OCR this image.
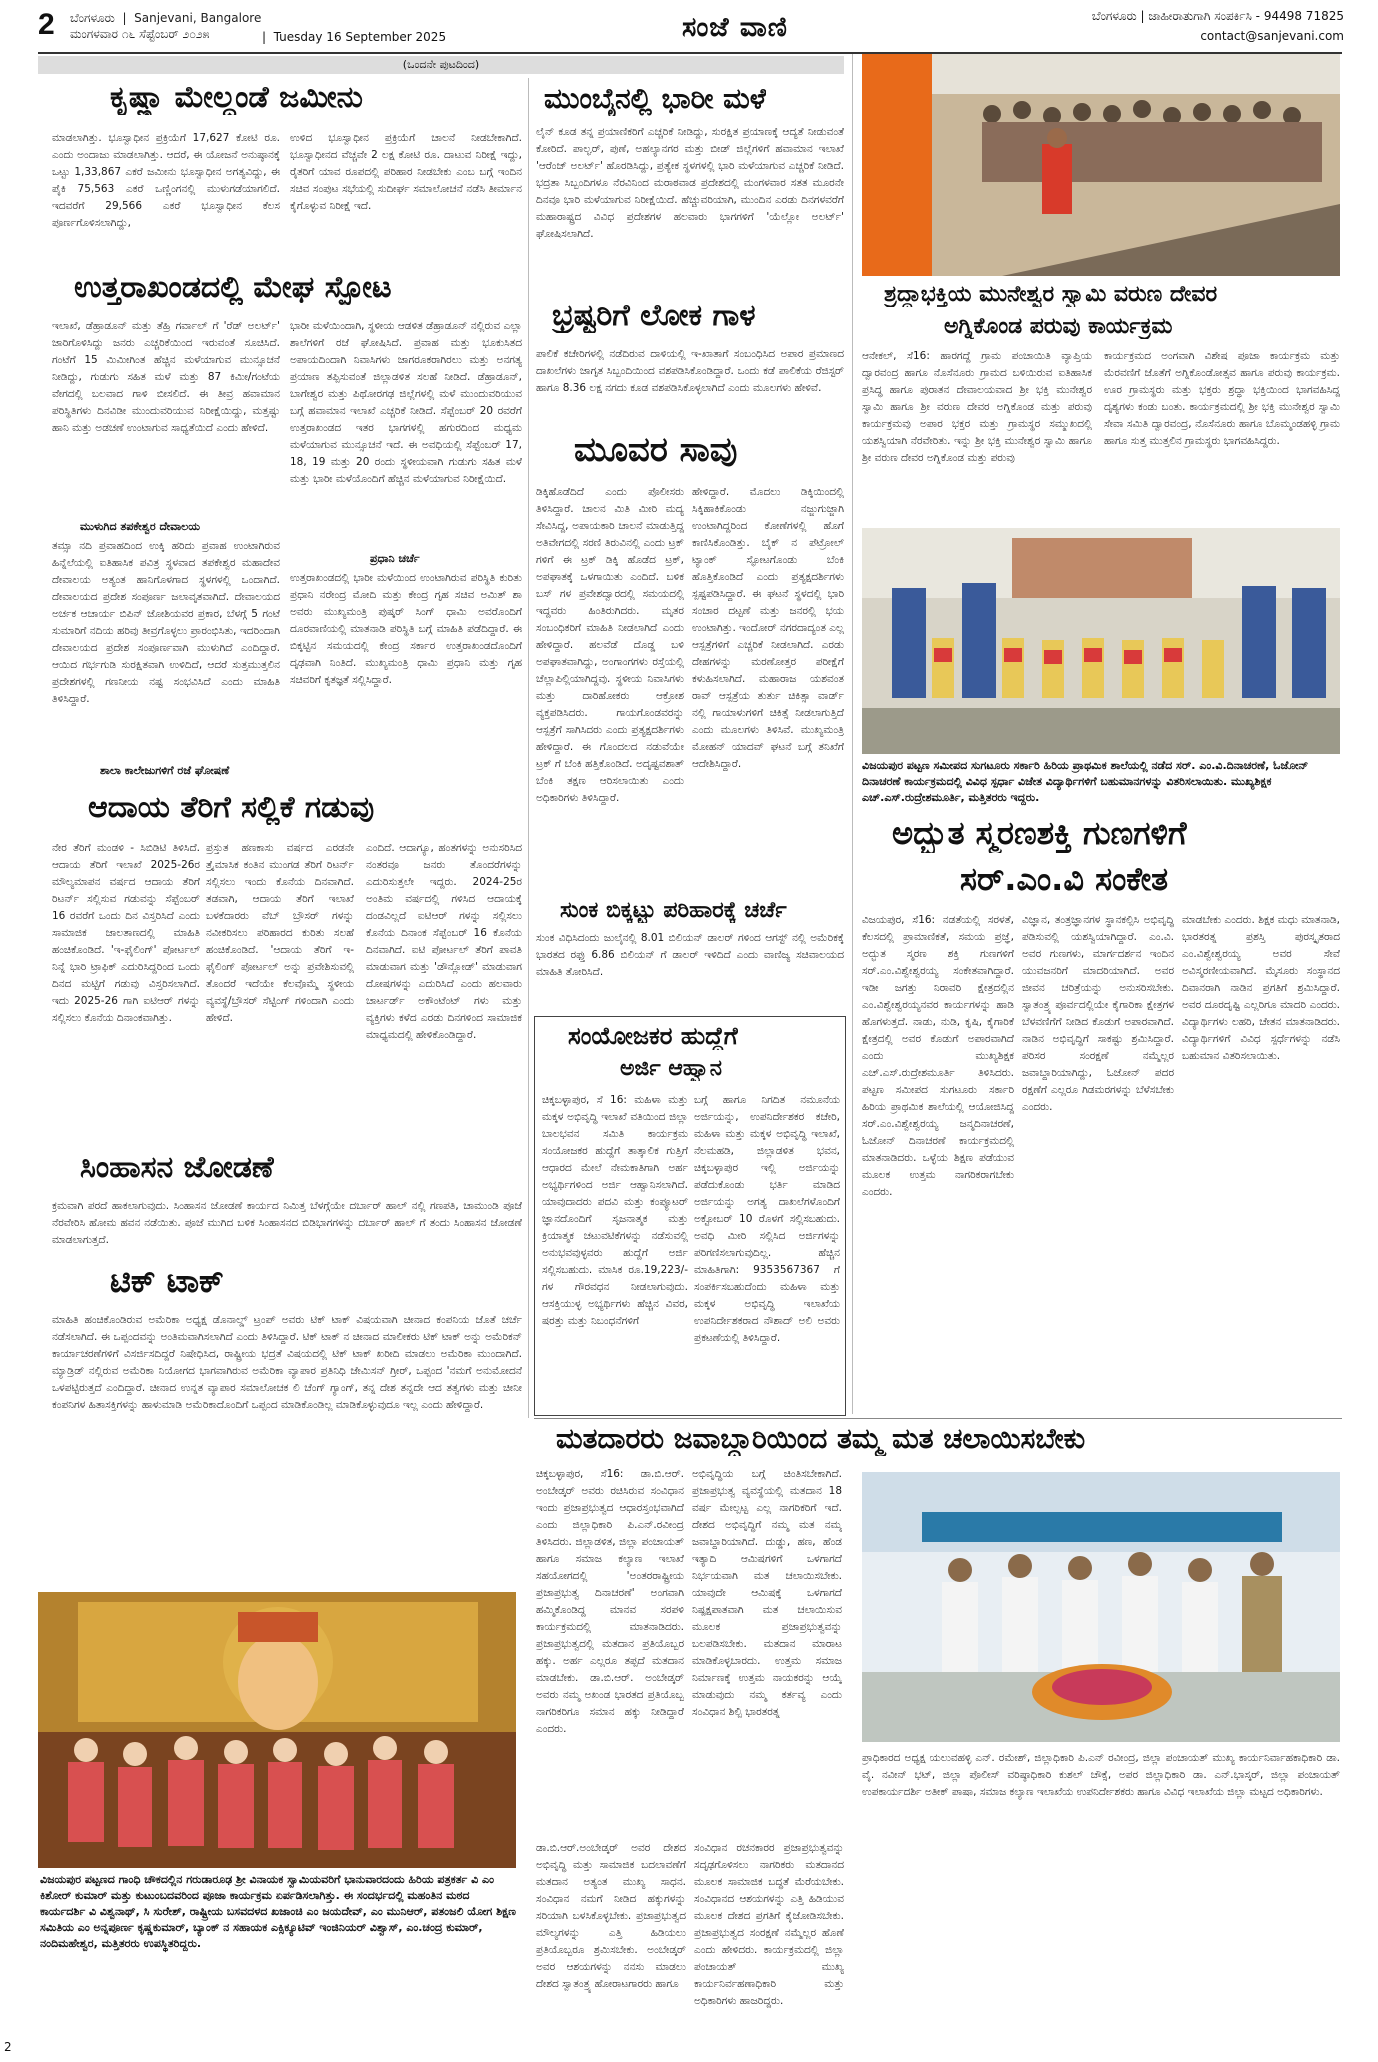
2 ಬೆಂಗಳೂರು  |  Sanjevani, Bangalore
ಮಂಗಳವಾರ ೧೬ ಸೆಪ್ಟೆಂಬರ್ ೨೦೨೫	|  Tuesday 16 September 2025	ಸಂಜೆ ವಾಣಿ	ಬೆಂಗಳೂರು | ಜಾಹೀರಾತುಗಾಗಿ ಸಂಪರ್ಕಿಸಿ - 94498 71825
contact@sanjevani.com
(ಒಂದನೇ ಪುಟದಿಂದ)
ಕೃಷ್ಣಾ ಮೇಲ್ದಂಡೆ ಜಮೀನು
ಮಾಡಲಾಗಿತ್ತು. ಭೂಸ್ವಾಧೀನ ಪ್ರಕ್ರಿಯೆಗೆ 17,627 ಕೋಟಿ ರೂ. ಎಂದು ಅಂದಾಜು ಮಾಡಲಾಗಿತ್ತು. ಆದರೆ, ಈ ಯೋಜನೆ ಅನುಷ್ಠಾನಕ್ಕೆ ಒಟ್ಟು 1,33,867 ಎಕರೆ ಜಮೀನು ಭೂಸ್ವಾಧೀನ ಅಗತ್ಯವಿದ್ದು, ಈ ಪೈಕಿ 75,563 ಎಕರೆ ಒಣ್ಣಿಂಗನಲ್ಲಿ ಮುಳುಗಡೆಯಾಗಲಿದೆ. ಇದವರೆಗೆ 29,566 ಎಕರೆ ಭೂಸ್ವಾಧೀನ ಕೆಲಸ ಪೂರ್ಣಗೊಳಿಸಲಾಗಿದ್ದು,
ಉಳಿದ ಭೂಸ್ವಾಧೀನ ಪ್ರಕ್ರಿಯೆಗೆ ಚಾಲನೆ ನೀಡಬೇಕಾಗಿದೆ. ಭೂಸ್ವಾಧೀನದ ವೆಚ್ಚವೇ 2 ಲಕ್ಷ ಕೋಟಿ ರೂ. ದಾಟುವ ನಿರೀಕ್ಷೆ ಇದ್ದು, ರೈತರಿಗೆ ಯಾವ ರೂಪದಲ್ಲಿ ಪರಿಹಾರ ನೀಡಬೇಕು ಎಂಬ ಬಗ್ಗೆ ಇಂದಿನ ಸಚಿವ ಸಂಪುಟ ಸಭೆಯಲ್ಲಿ ಸುದೀರ್ಘ ಸಮಾಲೋಚನೆ ನಡೆಸಿ ತೀರ್ಮಾನ ಕೈಗೊಳ್ಳುವ ನಿರೀಕ್ಷೆ ಇದೆ.
ಉತ್ತರಾಖಂಡದಲ್ಲಿ ಮೇಘ ಸ್ಫೋಟ
ಇಲಾಖೆ, ಡೆಹ್ರಾಡೂನ್ ಮತ್ತು ತೆಹ್ರಿ ಗರ್ವಾಲ್ ಗೆ 'ರೆಡ್ ಅಲರ್ಟ್' ಜಾರಿಗೊಳಿಸಿದ್ದು ಜನರು ಎಚ್ಚರಿಕೆಯಿಂದ ಇರುವಂತೆ ಸೂಚಿಸಿದೆ. ಗಂಟೆಗೆ 15 ಮಿಮೀಗಿಂತ ಹೆಚ್ಚಿನ ಮಳೆಯಾಗುವ ಮುನ್ಸೂಚನೆ ನೀಡಿದ್ದು, ಗುಡುಗು ಸಹಿತ ಮಳೆ ಮತ್ತು 87 ಕಿಮೀ/ಗಂಟೆಯ ವೇಗದಲ್ಲಿ ಬಲವಾದ ಗಾಳಿ ಬೀಸಲಿದೆ. ಈ ತೀವ್ರ ಹವಾಮಾನ ಪರಿಸ್ಥಿತಿಗಳು ದಿನವಿಡೀ ಮುಂದುವರಿಯುವ ನಿರೀಕ್ಷೆಯಿದ್ದು, ಮತ್ತಷ್ಟು ಹಾನಿ ಮತ್ತು ಅಡಚಣೆ ಉಂಟಾಗುವ ಸಾಧ್ಯತೆಯಿದೆ ಎಂದು ಹೇಳಿದೆ.
ಮುಳುಗಿದ ತಪಕೇಶ್ವರ ದೇವಾಲಯ
ತಮ್ಸಾ ನದಿ ಪ್ರವಾಹದಿಂದ ಉಕ್ಕಿ ಹರಿದು ಪ್ರವಾಹ ಉಂಟಾಗಿರುವ ಹಿನ್ನೆಲೆಯಲ್ಲಿ ಐತಿಹಾಸಿಕ ಪವಿತ್ರ ಸ್ಥಳವಾದ ತಪಕೇಶ್ವರ ಮಹಾದೇವ ದೇವಾಲಯ ಅತ್ಯಂತ ಹಾನಿಗೊಳಗಾದ ಸ್ಥಳಗಳಲ್ಲಿ ಒಂದಾಗಿದೆ. ದೇವಾಲಯದ ಪ್ರದೇಶ ಸಂಪೂರ್ಣ ಜಲಾವೃತವಾಗಿದೆ. ದೇವಾಲಯದ ಅರ್ಚಕ ಆಚಾರ್ಯ ಬಿಪಿನ್ ಜೋಶಿಯವರ ಪ್ರಕಾರ, ಬೆಳಗ್ಗೆ 5 ಗಂಟೆ ಸುಮಾರಿಗೆ ನದಿಯ ಹರಿವು ತೀವ್ರಗೊಳ್ಳಲು ಪ್ರಾರಂಭಿಸಿತು, ಇದರಿಂದಾಗಿ ದೇವಾಲಯದ ಪ್ರದೇಶ ಸಂಪೂರ್ಣವಾಗಿ ಮುಳುಗಿದೆ ಎಂದಿದ್ದಾರೆ. ಆಯಿದ ಗರ್ಭಗುಡಿ ಸುರಕ್ಷಿತವಾಗಿ ಉಳಿದಿದೆ, ಆದರೆ ಸುತ್ತಮುತ್ತಲಿನ ಪ್ರದೇಶಗಳಲ್ಲಿ ಗಣನೀಯ ನಷ್ಟ ಸಂಭವಿಸಿದೆ ಎಂದು ಮಾಹಿತಿ ತಿಳಿಸಿದ್ದಾರೆ.
ಶಾಲಾ ಕಾಲೇಜುಗಳಿಗೆ ರಜೆ ಘೋಷಣೆ
ಭಾರೀ ಮಳೆಯಿಂದಾಗಿ, ಸ್ಥಳೀಯ ಆಡಳಿತ ಡೆಹ್ರಾಡೂನ್ ನಲ್ಲಿರುವ ಎಲ್ಲಾ ಶಾಲೆಗಳಿಗೆ ರಜೆ ಘೋಷಿಸಿದೆ. ಪ್ರವಾಹ ಮತ್ತು ಭೂಕುಸಿತದ ಅಪಾಯದಿಂದಾಗಿ ನಿವಾಸಿಗಳು ಜಾಗರೂಕರಾಗಿರಲು ಮತ್ತು ಅನಗತ್ಯ ಪ್ರಯಾಣ ತಪ್ಪಿಸುವಂತೆ ಜಿಲ್ಲಾಡಳಿತ ಸಲಹೆ ನೀಡಿದೆ. ಡೆಹ್ರಾಡೂನ್, ಬಾಗೇಶ್ವರ ಮತ್ತು ಪಿಥೋರಗಢ ಜಿಲ್ಲೆಗಳಲ್ಲಿ ಮಳೆ ಮುಂದುವರಿಯುವ ಬಗ್ಗೆ ಹವಾಮಾನ ಇಲಾಖೆ ಎಚ್ಚರಿಕೆ ನೀಡಿದೆ. ಸೆಪ್ಟೆಂಬರ್ 20 ರವರೆಗೆ ಉತ್ತರಾಖಂಡದ ಇತರ ಭಾಗಗಳಲ್ಲಿ ಹಗುರದಿಂದ ಮಧ್ಯಮ ಮಳೆಯಾಗುವ ಮುನ್ಸೂಚನೆ ಇದೆ. ಈ ಅವಧಿಯಲ್ಲಿ ಸೆಪ್ಟೆಂಬರ್ 17, 18, 19 ಮತ್ತು 20 ರಂದು ಸ್ಥಳೀಯವಾಗಿ ಗುಡುಗು ಸಹಿತ ಮಳೆ ಮತ್ತು ಭಾರೀ ಮಳೆಯೊಂದಿಗೆ ಹೆಚ್ಚಿನ ಮಳೆಯಾಗುವ ನಿರೀಕ್ಷೆಯಿದೆ.
ಪ್ರಧಾನಿ ಚರ್ಚೆ
ಉತ್ತರಾಖಂಡದಲ್ಲಿ ಭಾರೀ ಮಳೆಯಿಂದ ಉಂಟಾಗಿರುವ ಪರಿಸ್ಥಿತಿ ಕುರಿತು ಪ್ರಧಾನಿ ನರೇಂದ್ರ ಮೋದಿ ಮತ್ತು ಕೇಂದ್ರ ಗೃಹ ಸಚಿವ ಅಮಿತ್ ಶಾ ಅವರು ಮುಖ್ಯಮಂತ್ರಿ ಪುಷ್ಕರ್ ಸಿಂಗ್ ಧಾಮಿ ಅವರೊಂದಿಗೆ ದೂರವಾಣಿಯಲ್ಲಿ ಮಾತನಾಡಿ ಪರಿಸ್ಥಿತಿ ಬಗ್ಗೆ ಮಾಹಿತಿ ಪಡೆದಿದ್ದಾರೆ. ಈ ಬಿಕ್ಕಟ್ಟಿನ ಸಮಯದಲ್ಲಿ ಕೇಂದ್ರ ಸರ್ಕಾರ ಉತ್ತರಾಖಂಡದೊಂದಿಗೆ ದೃಢವಾಗಿ ನಿಂತಿದೆ. ಮುಖ್ಯಮಂತ್ರಿ ಧಾಮಿ ಪ್ರಧಾನಿ ಮತ್ತು ಗೃಹ ಸಚಿವರಿಗೆ ಕೃತಜ್ಞತೆ ಸಲ್ಲಿಸಿದ್ದಾರೆ.
ಆದಾಯ ತೆರಿಗೆ ಸಲ್ಲಿಕೆ ಗಡುವು
ನೇರ ತೆರಿಗೆ ಮಂಡಳಿ - ಸಿಬಿಡಿಟಿ ತಿಳಿಸಿದೆ. ಆದಾಯ ತೆರಿಗೆ ಇಲಾಖೆ 2025-26ರ ಮೌಲ್ಯಮಾಪನ ವರ್ಷದ ಆದಾಯ ತೆರಿಗೆ ರಿಟರ್ನ್ ಸಲ್ಲಿಸುವ ಗಡುವನ್ನು ಸೆಪ್ಟೆಂಬರ್ 16 ರವರೆಗೆ ಒಂದು ದಿನ ವಿಸ್ತರಿಸಿದೆ ಎಂದು ಸಾಮಾಜಿಕ ಜಾಲತಾಣದಲ್ಲಿ ಮಾಹಿತಿ ಹಂಚಿಕೊಂಡಿದೆ. 'ಇ-ಫೈಲಿಂಗ್' ಪೋರ್ಟಲ್ ನಿನ್ನೆ ಭಾರಿ ಟ್ರಾಫಿಕ್ ಎದುರಿಸಿದ್ದರಿಂದ ಒಂದು ದಿನದ ಮಟ್ಟಿಗೆ ಗಡುವು ವಿಸ್ತರಿಸಲಾಗಿದೆ. ಇದು 2025-26 ಗಾಗಿ ಐಟಿಆರ್ ಗಳನ್ನು ಸಲ್ಲಿಸಲು ಕೊನೆಯ ದಿನಾಂಕವಾಗಿತ್ತು.
ಪ್ರಸ್ತುತ ಹಣಕಾಸು ವರ್ಷದ ಎರಡನೇ ತ್ರೈಮಾಸಿಕ ಕಂತಿನ ಮುಂಗಡ ತೆರಿಗೆ ರಿಟರ್ನ್ ಸಲ್ಲಿಸಲು ಇಂದು ಕೊನೆಯ ದಿನವಾಗಿದೆ. ತಡವಾಗಿ, ಆದಾಯ ತೆರಿಗೆ ಇಲಾಖೆ ಬಳಕೆದಾರರು ವೆಬ್ ಬ್ರೌಸರ್ ಗಳನ್ನು ನವೀಕರಿಸಲು ಪರಿಹಾರದ ಕುರಿತು ಸಲಹೆ ಹಂಚಿಕೊಂಡಿದೆ. 'ಆದಾಯ ತೆರಿಗೆ ಇ-ಫೈಲಿಂಗ್ ಪೋರ್ಟಲ್ ಅನ್ನು ಪ್ರವೇಶಿಸುವಲ್ಲಿ ತೊಂದರೆ ಇದೆಯೇ ಕೆಲವೊಮ್ಮೆ ಸ್ಥಳೀಯ ವ್ಯವಸ್ಥೆ/ಬ್ರೌಸರ್ ಸೆಟ್ಟಿಂಗ್ ಗಳಿಂದಾಗಿ ಎಂದು ಹೇಳಿದೆ.
ಎಂದಿದೆ. ಆದಾಗ್ಯೂ, ಹಂತಗಳನ್ನು ಅನುಸರಿಸಿದ ನಂತರವೂ ಜನರು ತೊಂದರೆಗಳನ್ನು ಎದುರಿಸುತ್ತಲೇ ಇದ್ದರು. 2024-25ರ ಅಂತಿಮ ವರ್ಷದಲ್ಲಿ ಗಳಿಸಿದ ಆದಾಯಕ್ಕೆ ದಂಡವಿಲ್ಲದೆ ಐಟಿಆರ್ ಗಳನ್ನು ಸಲ್ಲಿಸಲು ಕೊನೆಯ ದಿನಾಂಕ ಸೆಪ್ಟೆಂಬರ್ 16 ಕೊನೆಯ ದಿನವಾಗಿದೆ. ಐಟಿ ಪೋರ್ಟಲ್ ತೆರಿಗೆ ಪಾವತಿ ಮಾಡುವಾಗ ಮತ್ತು 'ಡೌನ್ಲೋಡ್' ಮಾಡುವಾಗ ದೋಷಗಳನ್ನು ಎದುರಿಸಿದೆ ಎಂದು ಹಲವಾರು ಚಾರ್ಟರ್ಡ್ ಅಕೌಂಟೆಂಟ್ ಗಳು ಮತ್ತು ವ್ಯಕ್ತಿಗಳು ಕಳೆದ ಎರಡು ದಿನಗಳಿಂದ ಸಾಮಾಜಿಕ ಮಾಧ್ಯಮದಲ್ಲಿ ಹೇಳಿಕೊಂಡಿದ್ದಾರೆ.
ಸಿಂಹಾಸನ ಜೋಡಣೆ
ಕ್ರಮವಾಗಿ ಪರದೆ ಹಾಕಲಾಗುವುದು. ಸಿಂಹಾಸನ ಜೋಡಣೆ ಕಾರ್ಯದ ನಿಮಿತ್ತ ಬೆಳಗ್ಗೆಯೇ ದರ್ಬಾರ್ ಹಾಲ್ ನಲ್ಲಿ ಗಣಪತಿ, ಚಾಮುಂಡಿ ಪೂಜೆ ನೆರವೇರಿಸಿ ಹೋಮ ಹವನ ನಡೆಯಿತು. ಪೂಜೆ ಮುಗಿದ ಬಳಿಕ ಸಿಂಹಾಸನದ ಬಿಡಿಭಾಗಗಳನ್ನು ದರ್ಬಾರ್ ಹಾಲ್ ಗೆ ತಂದು ಸಿಂಹಾಸನ ಜೋಡಣೆ ಮಾಡಲಾಗುತ್ತದೆ.
ಟಿಕ್ ಟಾಕ್
ಮಾಹಿತಿ ಹಂಚಿಕೊಂಡಿರುವ ಅಮೆರಿಕಾ ಅಧ್ಯಕ್ಷ ಡೊನಾಲ್ಡ್ ಟ್ರಂಪ್ ಅವರು ಟಿಕ್ ಟಾಕ್ ವಿಷಯವಾಗಿ ಚೀನಾದ ಕಂಪನಿಯ ಜೊತೆ ಚರ್ಚೆ ನಡೆಸಲಾಗಿದೆ. ಈ ಒಪ್ಪಂದವನ್ನು ಅಂತಿಮವಾಗಿಸಲಾಗಿದೆ ಎಂದು ತಿಳಿಸಿದ್ದಾರೆ. ಟಿಕ್ ಟಾಕ್ ನ ಚೀನಾದ ಮಾಲೀಕರು ಟಿಕ್ ಟಾಕ್ ಅನ್ನು ಅಮೆರಿಕನ್ ಕಾರ್ಯಾಚರಣೆಗಳಿಗೆ ವಿಸರ್ಜಿಸದಿದ್ದರೆ ನಿಷೇಧಿಸಿದ, ರಾಷ್ಟ್ರೀಯ ಭದ್ರತೆ ವಿಷಯದಲ್ಲಿ ಟಿಕ್ ಟಾಕ್ ಖರೀದಿ ಮಾಡಲು ಅಮೆರಿಕಾ ಮುಂದಾಗಿದೆ. ಮ್ಯಾಡ್ರಿಡ್ ನಲ್ಲಿರುವ ಅಮೆರಿಕಾ ನಿಯೋಗದ ಭಾಗವಾಗಿರುವ ಅಮೆರಿಕಾ ವ್ಯಾಪಾರ ಪ್ರತಿನಿಧಿ ಜೇಮಿಸನ್ ಗ್ರೀರ್, ಒಪ್ಪಂದ 'ನಮಗೆ ಅನುಮೋದನೆ ಒಳಪಟ್ಟಿರುತ್ತದೆ ಎಂದಿದ್ದಾರೆ. ಚೀನಾದ ಉನ್ನತ ವ್ಯಾಪಾರ ಸಮಾಲೋಚಕ ಲಿ ಚೆಂಗ್ ಗ್ಯಾಂಗ್, ತನ್ನ ದೇಶ ತನ್ನದೇ ಆದ ತತ್ವಗಳು ಮತ್ತು ಚೀನೀ ಕಂಪನಿಗಳ ಹಿತಾಸಕ್ತಿಗಳನ್ನು ಹಾಳುಮಾಡಿ ಅಮೆರಿಕಾದೊಂದಿಗೆ ಒಪ್ಪಂದ ಮಾಡಿಕೊಂಡಿಲ್ಲ ಮಾಡಿಕೊಳ್ಳುವುದೂ ಇಲ್ಲ ಎಂದು ಹೇಳಿದ್ದಾರೆ.
ವಿಜಯಪುರ ಪಟ್ಟಣದ ಗಾಂಧಿ ಚೌಕದಲ್ಲಿನ ಗರುಡಾರೂಢ ಶ್ರೀ ವಿನಾಯಕ ಸ್ವಾಮಿಯವರಿಗೆ ಭಾನುವಾರದಂದು ಹಿರಿಯ ಪತ್ರಕರ್ತ ವಿ ಎಂ ಕಿಶೋರ್ ಕುಮಾರ್ ಮತ್ತು ಕುಟುಂಬದವರಿಂದ ಪೂಜಾ ಕಾರ್ಯಕ್ರಮ ಏರ್ಪಡಿಸಲಾಗಿತ್ತು. ಈ ಸಂದರ್ಭದಲ್ಲಿ ಮಹಂತಿನ ಮಠದ ಕಾರ್ಯದರ್ಶಿ ವಿ ವಿಶ್ವನಾಥ್, ಸಿ ಸುರೇಶ್, ರಾಷ್ಟ್ರೀಯ ಬಸವದಳದ ಖಜಾಂಚಿ ಎಂ ಜಯದೇವ್, ಎಂ ಮುನಿಆರ್, ಪತಂಜಲಿ ಯೋಗ ಶಿಕ್ಷಣ ಸಮಿತಿಯ ಎಂ ಅನ್ನಪೂರ್ಣ ಕೃಷ್ಣಕುಮಾರ್, ಬ್ಯಾಂಕ್ ನ ಸಹಾಯಕ ಎಕ್ಸಿಕ್ಯೂಟಿವ್ ಇಂಜಿನಿಯರ್ ವಿಶ್ವಾಸ್, ಎಂ.ಚಂದ್ರ ಕುಮಾರ್, ನಂದಿಮಹೇಶ್ವರ, ಮತ್ತಿತರರು ಉಪಸ್ಥಿತರಿದ್ದರು.
ಮುಂಬೈನಲ್ಲಿ ಭಾರೀ ಮಳೆ
ಲೈನ್ ಕೂಡ ತನ್ನ ಪ್ರಯಾಣಿಕರಿಗೆ ಎಚ್ಚರಿಕೆ ನೀಡಿದ್ದು, ಸುರಕ್ಷಿತ ಪ್ರಯಾಣಕ್ಕೆ ಆದ್ಯತೆ ನೀಡುವಂತೆ ಕೋರಿದೆ. ಪಾಲ್ಘರ್, ಪುಣೆ, ಅಹಲ್ಯಾನಗರ ಮತ್ತು ಬೀಡ್ ಜಿಲ್ಲೆಗಳಿಗೆ ಹವಾಮಾನ ಇಲಾಖೆ 'ಆರೆಂಜ್ ಅಲರ್ಟ್' ಹೊರಡಿಸಿದ್ದು, ಪ್ರತ್ಯೇಕ ಸ್ಥಳಗಳಲ್ಲಿ ಭಾರಿ ಮಳೆಯಾಗುವ ಎಚ್ಚರಿಕೆ ನೀಡಿದೆ. ಭದ್ರತಾ ಸಿಬ್ಬಂದಿಗಳೂ ನೆರವಿನಿಂದ ಮರಾಠವಾಡ ಪ್ರದೇಶದಲ್ಲಿ ಮಂಗಳವಾರ ಸತತ ಮೂರನೇ ದಿನವೂ ಭಾರಿ ಮಳೆಯಾಗುವ ನಿರೀಕ್ಷೆಯಿದೆ. ಹೆಚ್ಚುವರಿಯಾಗಿ, ಮುಂದಿನ ಎರಡು ದಿನಗಳವರೆಗೆ ಮಹಾರಾಷ್ಟ್ರದ ವಿವಿಧ ಪ್ರದೇಶಗಳ ಹಲವಾರು ಭಾಗಗಳಿಗೆ 'ಯೆಲ್ಲೋ ಅಲರ್ಟ್' ಘೋಷಿಸಲಾಗಿದೆ.
ಭ್ರಷ್ಟರಿಗೆ ಲೋಕ ಗಾಳ
ಪಾಲಿಕೆ ಕಚೇರಿಗಳಲ್ಲಿ ನಡೆದಿರುವ ದಾಳಿಯಲ್ಲಿ ಇ-ಖಾತಾಗೆ ಸಂಬಂಧಿಸಿದ ಅಪಾರ ಪ್ರಮಾಣದ ದಾಖಲೆಗಳು ಜಾಗೃತ ಸಿಬ್ಬಂದಿಯಿಂದ ವಶಪಡಿಸಿಕೊಂಡಿದ್ದಾರೆ. ಒಂದು ಕಡೆ ಪಾಲಿಕೆಯ ರೆಜಿಸ್ಟರ್ ಹಾಗೂ 8.36 ಲಕ್ಷ ನಗದು ಕೂಡ ವಶಪಡಿಸಿಕೊಳ್ಳಲಾಗಿದೆ ಎಂದು ಮೂಲಗಳು ಹೇಳಿವೆ.
ಮೂವರ ಸಾವು
ಡಿಕ್ಕಿಹೊಡೆದಿದೆ ಎಂದು ಪೊಲೀಸರು ತಿಳಿಸಿದ್ದಾರೆ. ಚಾಲನ ಮಿತಿ ಮೀರಿ ಮದ್ಯ ಸೇವಿಸಿದ್ದ, ಅಪಾಯಕಾರಿ ಚಾಲನೆ ಮಾಡುತ್ತಿದ್ದ ಅತಿವೇಗದಲ್ಲಿ ಸರಣಿ ತಿರುವಿನಲ್ಲಿ ಎಂದು ಟ್ರಕ್ ಗಳಿಗೆ ಈ ಟ್ರಕ್ ಡಿಕ್ಕಿ ಹೊಡೆದ ಟ್ರಕ್, ಅಪಘಾತಕ್ಕೆ ಒಳಗಾಯಿತು ಎಂದಿದೆ. ಬಳಿಕ ಬಸ್ ಗಳ ಪ್ರವೇಶದ್ವಾರದಲ್ಲಿ ಸಮಯದಲ್ಲಿ ಇದ್ದವರು ಹಿಂತಿರುಗಿದರು. ಮೃತರ ಸಂಬಂಧಿಕರಿಗೆ ಮಾಹಿತಿ ನೀಡಲಾಗಿದೆ ಎಂದು ಹೇಳಿದ್ದಾರೆ. ಹಲವೆಡೆ ದೊಡ್ಡ ಬಳಿ ಅಪಘಾತವಾಗಿದ್ದು, ಅಂಗಾಂಗಗಳು ರಸ್ತೆಯಲ್ಲಿ ಚೆಲ್ಲಾಪಿಲ್ಲಿಯಾಗಿದ್ದವು. ಸ್ಥಳೀಯ ನಿವಾಸಿಗಳು ಮತ್ತು ದಾರಿಹೋಕರು ಆಕ್ರೋಶ ವ್ಯಕ್ತಪಡಿಸಿದರು. ಗಾಯಗೊಂಡವರನ್ನು ಆಸ್ಪತ್ರೆಗೆ ಸಾಗಿಸಿದರು ಎಂದು ಪ್ರತ್ಯಕ್ಷದರ್ಶಿಗಳು ಹೇಳಿದ್ದಾರೆ. ಈ ಗೊಂದಲದ ನಡುವೆಯೇ ಟ್ರಕ್ ಗೆ ಬೆಂಕಿ ಹತ್ತಿಕೊಂಡಿದೆ. ಅದೃಷ್ಟವಶಾತ್ ಬೆಂಕಿ ತಕ್ಷಣ ಆರಿಸಲಾಯಿತು ಎಂದು ಅಧಿಕಾರಿಗಳು ತಿಳಿಸಿದ್ದಾರೆ.
ಹೇಳಿದ್ದಾರೆ. ಮೊದಲು ಡಿಕ್ಕಿಯಿಂದಲ್ಲಿ ಸಿಕ್ಕಿಹಾಕಿಕೊಂಡು ನಜ್ಜುಗುಜ್ಜಾಗಿ ಉಂಟಾಗಿದ್ದರಿಂದ ಕೋಣೆಗಳಲ್ಲಿ ಹೊಗೆ ಕಾಣಿಸಿಕೊಂಡಿತ್ತು. ಬೈಕ್ ನ ಪೆಟ್ರೋಲ್ ಟ್ಯಾಂಕ್ ಸ್ಫೋಟಗೊಂಡು ಬೆಂಕಿ ಹೊತ್ತಿಕೊಂಡಿದೆ ಎಂದು ಪ್ರತ್ಯಕ್ಷದರ್ಶಿಗಳು ಸ್ಪಷ್ಟಪಡಿಸಿದ್ದಾರೆ. ಈ ಘಟನೆ ಸ್ಥಳದಲ್ಲಿ ಭಾರಿ ಸಂಚಾರ ದಟ್ಟಣೆ ಮತ್ತು ಜನರಲ್ಲಿ ಭಯ ಉಂಟಾಗಿತ್ತು. ಇಂದೋರ್ ನಗರದಾದ್ಯಂತ ಎಲ್ಲ ಆಸ್ಪತ್ರೆಗಳಿಗೆ ಎಚ್ಚರಿಕೆ ನೀಡಲಾಗಿದೆ. ಎರಡು ದೇಹಗಳನ್ನು ಮರಣೋತ್ತರ ಪರೀಕ್ಷೆಗೆ ಕಳುಹಿಸಲಾಗಿದೆ. ಮಹಾರಾಜ ಯಶವಂತ ರಾವ್ ಆಸ್ಪತ್ರೆಯ ತುರ್ತು ಚಿಕಿತ್ಸಾ ವಾರ್ಡ್ ನಲ್ಲಿ ಗಾಯಾಳುಗಳಿಗೆ ಚಿಕಿತ್ಸೆ ನೀಡಲಾಗುತ್ತಿದೆ ಎಂದು ಮೂಲಗಳು ತಿಳಿಸಿವೆ. ಮುಖ್ಯಮಂತ್ರಿ ಮೋಹನ್ ಯಾದವ್ ಘಟನೆ ಬಗ್ಗೆ ತನಿಖೆಗೆ ಆದೇಶಿಸಿದ್ದಾರೆ.
ಸುಂಕ ಬಿಕ್ಕಟ್ಟು ಪರಿಹಾರಕ್ಕೆ ಚರ್ಚೆ
ಸುಂಕ ವಿಧಿಸಿದಂದು ಜುಲೈನಲ್ಲಿ 8.01 ಬಿಲಿಯನ್ ಡಾಲರ್ ಗಳಿಂದ ಆಗಸ್ಟ್ ನಲ್ಲಿ ಅಮೆರಿಕಕ್ಕೆ ಭಾರತದ ರಫ್ತು 6.86 ಬಿಲಿಯನ್ ಗೆ ಡಾಲರ್ ಇಳಿದಿದೆ ಎಂದು ವಾಣಿಜ್ಯ ಸಚಿವಾಲಯದ ಮಾಹಿತಿ ತೋರಿಸಿದೆ.
ಸಂಯೋಜಕರ ಹುದ್ದೆಗೆ
ಅರ್ಜಿ ಆಹ್ವಾನ
ಚಿಕ್ಕಬಳ್ಳಾಪುರ, ಸೆ 16: ಮಹಿಳಾ ಮತ್ತು ಮಕ್ಕಳ ಅಭಿವೃದ್ಧಿ ಇಲಾಖೆ ವತಿಯಿಂದ ಜಿಲ್ಲಾ ಬಾಲಭವನ ಸಮಿತಿ ಕಾರ್ಯಕ್ರಮ ಸಂಯೋಜಕರ ಹುದ್ದೆಗೆ ತಾತ್ಕಾಲಿಕ ಗುತ್ತಿಗೆ ಆಧಾರದ ಮೇಲೆ ನೇಮಕಾತಿಗಾಗಿ ಅರ್ಹ ಅಭ್ಯರ್ಥಿಗಳಿಂದ ಅರ್ಜಿ ಆಹ್ವಾನಿಸಲಾಗಿದೆ. ಯಾವುದಾದರು ಪದವಿ ಮತ್ತು ಕಂಪ್ಯೂಟರ್ ಜ್ಞಾನದೊಂದಿಗೆ ಸೃಜನಾತ್ಮಕ ಮತ್ತು ಕ್ರಿಯಾತ್ಮಕ ಚಟುವಟಿಕೆಗಳನ್ನು ನಡೆಸುವಲ್ಲಿ ಅನುಭವವುಳ್ಳವರು ಹುದ್ದೆಗೆ ಅರ್ಜಿ ಸಲ್ಲಿಸಬಹುದು. ಮಾಸಿಕ ರೂ.19,223/- ಗಳ ಗೌರವಧನ ನೀಡಲಾಗುವುದು. ಆಸಕ್ತಿಯುಳ್ಳ ಅಭ್ಯರ್ಥಿಗಳು ಹೆಚ್ಚಿನ ವಿವರ, ಷರತ್ತು ಮತ್ತು ನಿಬಂಧನೆಗಳಿಗೆ
ಬಗ್ಗೆ ಹಾಗೂ ನಿಗದಿತ ನಮೂನೆಯ ಅರ್ಜಿಯನ್ನು, ಉಪನಿರ್ದೇಶಕರ ಕಚೇರಿ, ಮಹಿಳಾ ಮತ್ತು ಮಕ್ಕಳ ಅಭಿವೃದ್ಧಿ ಇಲಾಖೆ, ನೆಲಮಹಡಿ, ಜಿಲ್ಲಾಡಳಿತ ಭವನ, ಚಿಕ್ಕಬಳ್ಳಾಪುರ ಇಲ್ಲಿ ಅರ್ಜಿಯನ್ನು ಪಡೆದುಕೊಂಡು ಭರ್ತಿ ಮಾಡಿದ ಅರ್ಜಿಯನ್ನು ಅಗತ್ಯ ದಾಖಲೆಗಳೊಂದಿಗೆ ಅಕ್ಟೋಬರ್ 10 ರೊಳಗೆ ಸಲ್ಲಿಸಬಹುದು. ಅವಧಿ ಮೀರಿ ಸಲ್ಲಿಸಿದ ಅರ್ಜಿಗಳನ್ನು ಪರಿಗಣಿಸಲಾಗುವುದಿಲ್ಲ. ಹೆಚ್ಚಿನ ಮಾಹಿತಿಗಾಗಿ: 9353567367 ಗೆ ಸಂಪರ್ಕಿಸಬಹುದೆಂದು ಮಹಿಳಾ ಮತ್ತು ಮಕ್ಕಳ ಅಭಿವೃದ್ಧಿ ಇಲಾಖೆಯ ಉಪನಿರ್ದೇಶಕರಾದ ನೌಶಾದ್ ಅಲಿ ಅವರು ಪ್ರಕಟಣೆಯಲ್ಲಿ ತಿಳಿಸಿದ್ದಾರೆ.
ಶ್ರದ್ಧಾಭಕ್ತಿಯ ಮುನೇಶ್ವರ ಸ್ವಾಮಿ ವರುಣ ದೇವರ
ಅಗ್ನಿಕೊಂಡ ಪರುವು ಕಾರ್ಯಕ್ರಮ
ಆನೇಕಲ್, ಸೆ16: ಹಾರಗದ್ದೆ ಗ್ರಾಮ ಪಂಚಾಯಿತಿ ವ್ಯಾಪ್ತಿಯ ದ್ವಾರವಂದ್ರ ಹಾಗೂ ನೊಸೆನೂರು ಗ್ರಾಮದ ಬಳಿಯಿರುವ ಐತಿಹಾಸಿಕ ಪ್ರಸಿದ್ಧ ಹಾಗೂ ಪುರಾತನ ದೇವಾಲಯವಾದ ಶ್ರೀ ಭಕ್ತಿ ಮುನೇಶ್ವರ ಸ್ವಾಮಿ ಹಾಗೂ ಶ್ರೀ ವರುಣ ದೇವರ ಅಗ್ನಿಕೊಂಡ ಮತ್ತು ಪರುವು ಕಾರ್ಯಕ್ರಮವು ಅಪಾರ ಭಕ್ತರ ಮತ್ತು ಗ್ರಾಮಸ್ಥರ ಸಮ್ಮುಖದಲ್ಲಿ ಯಶಸ್ವಿಯಾಗಿ ನೆರವೇರಿತು. ಇನ್ನು ಶ್ರೀ ಭಕ್ತಿ ಮುನೇಶ್ವರ ಸ್ವಾಮಿ ಹಾಗೂ ಶ್ರೀ ವರುಣ ದೇವರ ಅಗ್ನಿಕೊಂಡ ಮತ್ತು ಪರುವು
ಕಾರ್ಯಕ್ರಮದ ಅಂಗವಾಗಿ ವಿಶೇಷ ಪೂಜಾ ಕಾರ್ಯಕ್ರಮ ಮತ್ತು ಮೆರವಣಿಗೆ ಜೊತೆಗೆ ಅಗ್ನಿಕೊಂಡೋತ್ಸವ ಹಾಗೂ ಪರುವು ಕಾರ್ಯಕ್ರಮ. ಊರ ಗ್ರಾಮಸ್ಥರು ಮತ್ತು ಭಕ್ತರು ಶ್ರದ್ಧಾ ಭಕ್ತಿಯಿಂದ ಭಾಗವಹಿಸಿದ್ದ ದೃಶ್ಯಗಳು ಕಂಡು ಬಂತು. ಕಾರ್ಯಕ್ರಮದಲ್ಲಿ ಶ್ರೀ ಭಕ್ತಿ ಮುನೇಶ್ವರ ಸ್ವಾಮಿ ಸೇವಾ ಸಮಿತಿ ದ್ವಾರವಂದ್ರ, ನೊಸೆನೂರು ಹಾಗೂ ಬೊಮ್ಮಂಡಹಳ್ಳಿ ಗ್ರಾಮ ಹಾಗೂ ಸುತ್ತ ಮುತ್ತಲಿನ ಗ್ರಾಮಸ್ಥರು ಭಾಗವಹಿಸಿದ್ದರು.
ವಿಜಯಪುರ ಪಟ್ಟಣ ಸಮೀಪದ ಸುಗಟೂರು ಸರ್ಕಾರಿ ಹಿರಿಯ ಪ್ರಾಥಮಿಕ ಶಾಲೆಯಲ್ಲಿ ನಡೆದ ಸರ್. ಎಂ.ವಿ.ದಿನಾಚರಣೆ, ಓಜೋನ್ ದಿನಾಚರಣೆ ಕಾರ್ಯಕ್ರಮದಲ್ಲಿ ವಿವಿಧ ಸ್ಪರ್ಧಾ ವಿಜೇತ ವಿದ್ಯಾರ್ಥಿಗಳಿಗೆ ಬಹುಮಾನಗಳನ್ನು ವಿತರಿಸಲಾಯಿತು. ಮುಖ್ಯಶಿಕ್ಷಕ ಎಚ್.ಎಸ್.ರುದ್ರೇಶಮೂರ್ತಿ, ಮತ್ತಿತರರು ಇದ್ದರು.
ಅದ್ಭುತ ಸ್ಮರಣಶಕ್ತಿ ಗುಣಗಳಿಗೆ
ಸರ್.ಎಂ.ವಿ ಸಂಕೇತ
ವಿಜಯಪುರ, ಸೆ16: ನಡತೆಯಲ್ಲಿ ಸರಳತೆ, ಕೆಲಸದಲ್ಲಿ ಪ್ರಾಮಾಣಿಕತೆ, ಸಮಯ ಪ್ರಜ್ಞೆ, ಅದ್ಭುತ ಸ್ಮರಣ ಶಕ್ತಿ ಗುಣಗಳಿಗೆ ಸರ್.ಎಂ.ವಿಶ್ವೇಶ್ವರಯ್ಯ ಸಂಕೇತವಾಗಿದ್ದಾರೆ. ಇಡೀ ಜಗತ್ತು ನಿರಾವರಿ ಕ್ಷೇತ್ರದಲ್ಲಿನ ಎಂ.ವಿಶ್ವೇಶ್ವರಯ್ಯನವರ ಕಾರ್ಯಗಳನ್ನು ಹಾಡಿ ಹೊಗಳುತ್ತದೆ. ನಾಡು, ನುಡಿ, ಕೃಷಿ, ಕೈಗಾರಿಕೆ ಕ್ಷೇತ್ರದಲ್ಲಿ ಅವರ ಕೊಡುಗೆ ಅಪಾರವಾಗಿದೆ ಎಂದು ಮುಖ್ಯಶಿಕ್ಷಕ ಎಚ್.ಎಸ್.ರುದ್ರೇಶಮೂರ್ತಿ ತಿಳಿಸಿದರು. ಪಟ್ಟಣ ಸಮೀಪದ ಸುಗಟೂರು ಸರ್ಕಾರಿ ಹಿರಿಯ ಪ್ರಾಥಮಿಕ ಶಾಲೆಯಲ್ಲಿ ಆಯೋಜಿಸಿದ್ದ ಸರ್.ಎಂ.ವಿಶ್ವೇಶ್ವರಯ್ಯ ಜನ್ಮದಿನಾಚರಣೆ, ಓಜೋನ್ ದಿನಾಚರಣೆ ಕಾರ್ಯಕ್ರಮದಲ್ಲಿ ಮಾತನಾಡಿದರು. ಒಳ್ಳೆಯ ಶಿಕ್ಷಣ ಪಡೆಯುವ ಮೂಲಕ ಉತ್ತಮ ನಾಗರಿಕರಾಗಬೇಕು ಎಂದರು.
ವಿಜ್ಞಾನ, ತಂತ್ರಜ್ಞಾನಗಳ ಸ್ಥಾನಕಲ್ಪಿಸಿ ಅಭಿವೃದ್ಧಿ ಪಡಿಸುವಲ್ಲಿ ಯಶಸ್ವಿಯಾಗಿದ್ದಾರೆ. ಎಂ.ವಿ. ಅವರ ಗುಣಗಳು, ಮಾರ್ಗದರ್ಶನ ಇಂದಿನ ಯುವಜನರಿಗೆ ಮಾದರಿಯಾಗಿದೆ. ಅವರ ಜೀವನ ಚರಿತ್ರೆಯನ್ನು ಅನುಸರಿಸಬೇಕು. ಸ್ವಾತಂತ್ರ್ಯ ಪೂರ್ವದಲ್ಲಿಯೇ ಕೈಗಾರಿಕಾ ಕ್ಷೇತ್ರಗಳ ಬೆಳವಣಿಗೆಗೆ ನೀಡಿದ ಕೊಡುಗೆ ಅಪಾರವಾಗಿದೆ. ನಾಡಿನ ಅಭಿವೃದ್ಧಿಗೆ ಸಾಕಷ್ಟು ಶ್ರಮಿಸಿದ್ದಾರೆ. ಪರಿಸರ ಸಂರಕ್ಷಣೆ ನಮ್ಮೆಲ್ಲರ ಜವಾಬ್ದಾರಿಯಾಗಿದ್ದು, ಓಜೋನ್ ಪದರ ರಕ್ಷಣೆಗೆ ಎಲ್ಲರೂ ಗಿಡಮರಗಳನ್ನು ಬೆಳೆಸಬೇಕು ಎಂದರು.
ಮಾಡಬೇಕು ಎಂದರು. ಶಿಕ್ಷಕ ಮಧು ಮಾತನಾಡಿ, ಭಾರತರತ್ನ ಪ್ರಶಸ್ತಿ ಪುರಸ್ಕೃತರಾದ ಎಂ.ವಿಶ್ವೇಶ್ವರಯ್ಯ ಅವರ ಸೇವೆ ಅವಿಸ್ಮರಣೀಯವಾಗಿದೆ. ಮೈಸೂರು ಸಂಸ್ಥಾನದ ದಿವಾನರಾಗಿ ನಾಡಿನ ಪ್ರಗತಿಗೆ ಶ್ರಮಿಸಿದ್ದಾರೆ. ಅವರ ದೂರದೃಷ್ಟಿ ಎಲ್ಲರಿಗೂ ಮಾದರಿ ಎಂದರು. ವಿದ್ಯಾರ್ಥಿಗಳು ಲಹರಿ, ಚೇತನ ಮಾತನಾಡಿದರು. ವಿದ್ಯಾರ್ಥಿಗಳಿಗೆ ವಿವಿಧ ಸ್ಪರ್ಧೆಗಳನ್ನು ನಡೆಸಿ ಬಹುಮಾನ ವಿತರಿಸಲಾಯಿತು.
ಮತದಾರರು ಜವಾಬ್ದಾರಿಯಿಂದ ತಮ್ಮ ಮತ ಚಲಾಯಿಸಬೇಕು
ಚಿಕ್ಕಬಳ್ಳಾಪುರ, ಸೆ16: ಡಾ.ಬಿ.ಆರ್. ಅಂಬೇಡ್ಕರ್ ಅವರು ರಚಿಸಿರುವ ಸಂವಿಧಾನ ಇಂದು ಪ್ರಜಾಪ್ರಭುತ್ವದ ಆಧಾರಸ್ತಂಭವಾಗಿದೆ ಎಂದು ಜಿಲ್ಲಾಧಿಕಾರಿ ಪಿ.ಎನ್.ರವೀಂದ್ರ ತಿಳಿಸಿದರು. ಜಿಲ್ಲಾಡಳಿತ, ಜಿಲ್ಲಾ ಪಂಚಾಯತ್ ಹಾಗೂ ಸಮಾಜ ಕಲ್ಯಾಣ ಇಲಾಖೆ ಸಹಯೋಗದಲ್ಲಿ 'ಅಂತರರಾಷ್ಟ್ರೀಯ ಪ್ರಜಾಪ್ರಭುತ್ವ ದಿನಾಚರಣೆ' ಅಂಗವಾಗಿ ಹಮ್ಮಿಕೊಂಡಿದ್ದ ಮಾನವ ಸರಪಳಿ ಕಾರ್ಯಕ್ರಮದಲ್ಲಿ ಮಾತನಾಡಿದರು. ಪ್ರಜಾಪ್ರಭುತ್ವದಲ್ಲಿ ಮತದಾನ ಪ್ರತಿಯೊಬ್ಬರ ಹಕ್ಕು. ಅರ್ಹ ಎಲ್ಲರೂ ತಪ್ಪದೆ ಮತದಾನ ಮಾಡಬೇಕು. ಡಾ.ಬಿ.ಆರ್. ಅಂಬೇಡ್ಕರ್ ಅವರು ನಮ್ಮ ಅಖಂಡ ಭಾರತದ ಪ್ರತಿಯೊಬ್ಬ ನಾಗರಿಕರಿಗೂ ಸಮಾನ ಹಕ್ಕು ನೀಡಿದ್ದಾರೆ ಎಂದರು.
ಅಭಿವೃದ್ಧಿಯ ಬಗ್ಗೆ ಚಿಂತಿಸಬೇಕಾಗಿದೆ. ಪ್ರಜಾಪ್ರಭುತ್ವ ವ್ಯವಸ್ಥೆಯಲ್ಲಿ ಮತದಾನ 18 ವರ್ಷ ಮೇಲ್ಪಟ್ಟ ಎಲ್ಲ ನಾಗರಿಕರಿಗೆ ಇದೆ. ದೇಶದ ಅಭಿವೃದ್ಧಿಗೆ ನಮ್ಮ ಮತ ನಮ್ಮ ಜವಾಬ್ದಾರಿಯಾಗಿದೆ. ದುಡ್ಡು, ಹಣ, ಹೆಂಡ ಇತ್ಯಾದಿ ಆಮಿಷಗಳಿಗೆ ಒಳಗಾಗದೆ ನಿರ್ಭಯವಾಗಿ ಮತ ಚಲಾಯಿಸಬೇಕು. ಯಾವುದೇ ಆಮಿಷಕ್ಕೆ ಒಳಗಾಗದೆ ನಿಷ್ಪಕ್ಷಪಾತವಾಗಿ ಮತ ಚಲಾಯಿಸುವ ಮೂಲಕ ಪ್ರಜಾಪ್ರಭುತ್ವವನ್ನು ಬಲಪಡಿಸಬೇಕು. ಮತದಾನ ಮಾರಾಟ ಮಾಡಿಕೊಳ್ಳಬಾರದು. ಉತ್ತಮ ಸಮಾಜ ನಿರ್ಮಾಣಕ್ಕೆ ಉತ್ತಮ ನಾಯಕರನ್ನು ಆಯ್ಕೆ ಮಾಡುವುದು ನಮ್ಮ ಕರ್ತವ್ಯ ಎಂದು ಸಂವಿಧಾನ ಶಿಲ್ಪಿ ಭಾರತರತ್ನ
ಡಾ.ಬಿ.ಆರ್.ಅಂಬೇಡ್ಕರ್ ಅವರ ದೇಶದ ಅಭಿವೃದ್ಧಿ ಮತ್ತು ಸಾಮಾಜಿಕ ಬದಲಾವಣೆಗೆ ಮತದಾನ ಅತ್ಯಂತ ಮುಖ್ಯ ಸಾಧನ. ಸಂವಿಧಾನ ನಮಗೆ ನೀಡಿದ ಹಕ್ಕುಗಳನ್ನು ಸರಿಯಾಗಿ ಬಳಸಿಕೊಳ್ಳಬೇಕು. ಪ್ರಜಾಪ್ರಭುತ್ವದ ಮೌಲ್ಯಗಳನ್ನು ಎತ್ತಿ ಹಿಡಿಯಲು ಪ್ರತಿಯೊಬ್ಬರೂ ಶ್ರಮಿಸಬೇಕು. ಅಂಬೇಡ್ಕರ್ ಅವರ ಆಶಯಗಳನ್ನು ನನಸು ಮಾಡಲು ದೇಶದ ಸ್ವಾತಂತ್ರ್ಯ ಹೋರಾಟಗಾರರು ಹಾಗೂ
ಸಂವಿಧಾನ ರಚನಕಾರರ ಪ್ರಜಾಪ್ರಭುತ್ವವನ್ನು ಸದೃಢಗೊಳಿಸಲು ನಾಗರಿಕರು ಮತದಾನದ ಮೂಲಕ ಸಾಮಾಜಿಕ ಬದ್ಧತೆ ಮೆರೆಯಬೇಕು. ಸಂವಿಧಾನದ ಆಶಯಗಳನ್ನು ಎತ್ತಿ ಹಿಡಿಯುವ ಮೂಲಕ ದೇಶದ ಪ್ರಗತಿಗೆ ಕೈಜೋಡಿಸಬೇಕು. ಪ್ರಜಾಪ್ರಭುತ್ವದ ಸಂರಕ್ಷಣೆ ನಮ್ಮೆಲ್ಲರ ಹೊಣೆ ಎಂದು ಹೇಳಿದರು. ಕಾರ್ಯಕ್ರಮದಲ್ಲಿ ಜಿಲ್ಲಾ ಪಂಚಾಯತ್ ಮುಖ್ಯ ಕಾರ್ಯನಿರ್ವಹಣಾಧಿಕಾರಿ ಮತ್ತು ಅಧಿಕಾರಿಗಳು ಹಾಜರಿದ್ದರು.
ಪ್ರಾಧಿಕಾರದ ಅಧ್ಯಕ್ಷ ಯಲುವಹಳ್ಳಿ ಎನ್. ರಮೇಶ್, ಜಿಲ್ಲಾಧಿಕಾರಿ ಪಿ.ಎನ್ ರವೀಂದ್ರ, ಜಿಲ್ಲಾ ಪಂಚಾಯತ್ ಮುಖ್ಯ ಕಾರ್ಯನಿರ್ವಾಹಕಾಧಿಕಾರಿ ಡಾ. ವೈ. ನವೀನ್ ಭಟ್, ಜಿಲ್ಲಾ ಪೊಲೀಸ್ ವರಿಷ್ಠಾಧಿಕಾರಿ ಕುಶಲ್ ಚೌಕ್ಸೆ, ಅಪರ ಜಿಲ್ಲಾಧಿಕಾರಿ ಡಾ. ಎನ್.ಭಾಸ್ಕರ್, ಜಿಲ್ಲಾ ಪಂಚಾಯತ್ ಉಪಕಾರ್ಯದರ್ಶಿ ಅತೀಕ್ ಪಾಷಾ, ಸಮಾಜ ಕಲ್ಯಾಣ ಇಲಾಖೆಯ ಉಪನಿರ್ದೇಶಕರು ಹಾಗೂ ವಿವಿಧ ಇಲಾಖೆಯ ಜಿಲ್ಲಾ ಮಟ್ಟದ ಅಧಿಕಾರಿಗಳು.
2
